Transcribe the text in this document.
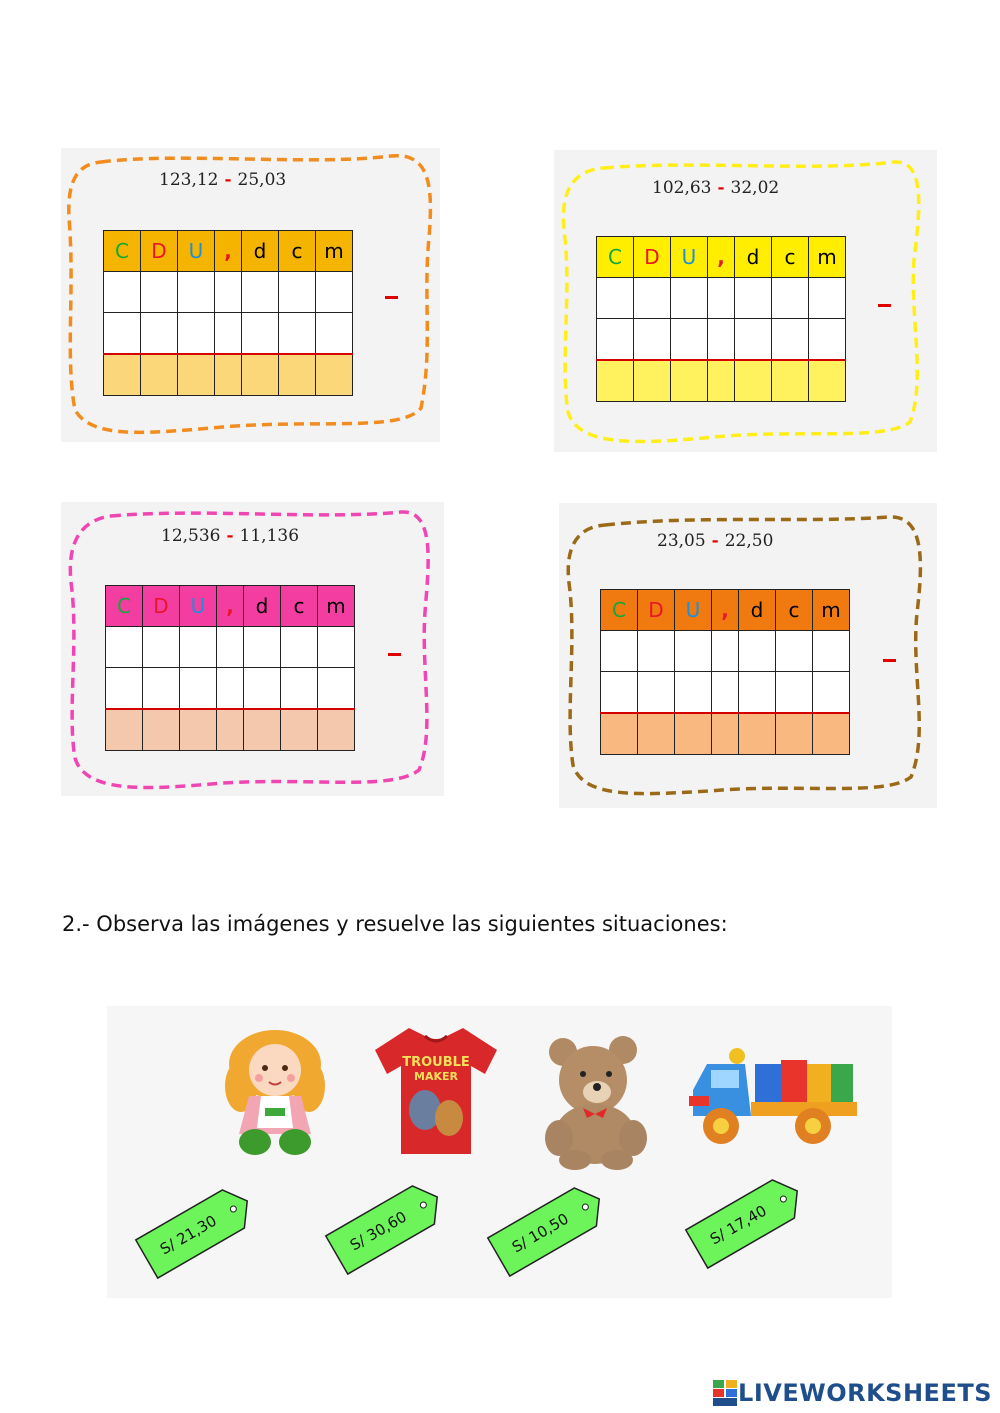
123,12 - 25,03
C	D	U	,	d	c	m

102,63 - 32,02
C	D	U	,	d	c	m

12,536 - 11,136
C	D	U	,	d	c	m

23,05 - 22,50
C	D	U	,	d	c	m

2.- Observa las imágenes y resuelve las siguientes situaciones:
TROUBLE
MAKER
S/ 21,30	S/ 30,60	S/ 10,50	S/ 17,40
LIVEWORKSHEETS
